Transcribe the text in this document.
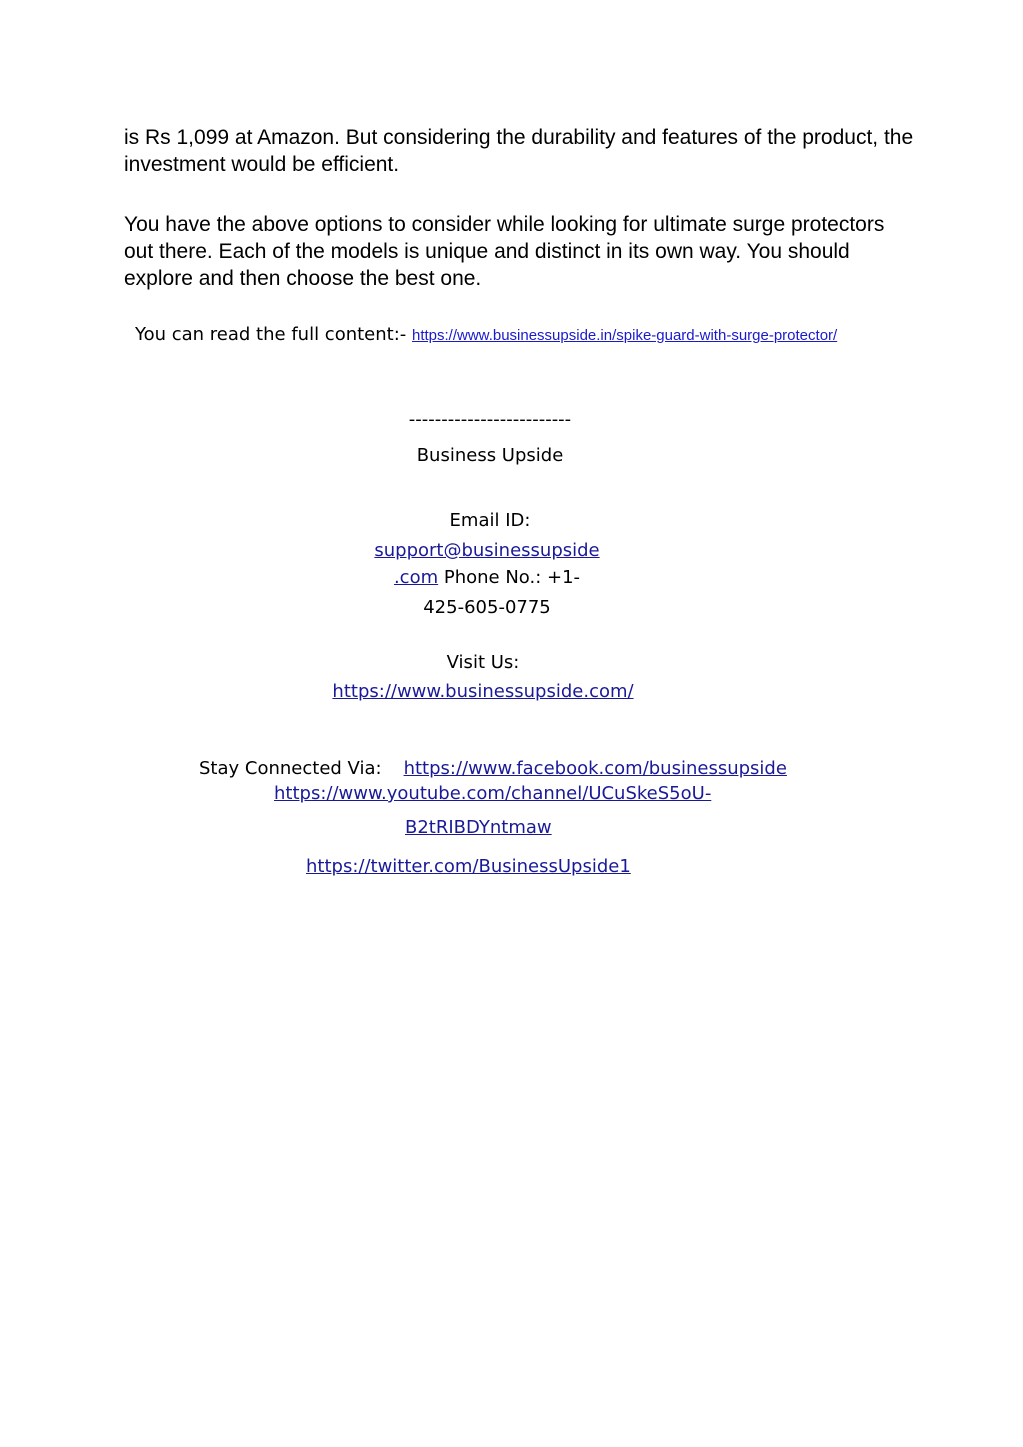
is Rs 1,099 at Amazon. But considering the durability and features of the product, the investment would be efficient.

You have the above options to consider while looking for ultimate surge protectors out there. Each of the models is unique and distinct in its own way. You should explore and then choose the best one.

You can read the full content:- https://www.businessupside.in/spike-guard-with-surge-protector/

-------------------------

Business Upside

Email ID:

support@businessupside

.com Phone No.: +1-

425-605-0775

Visit Us:

https://www.businessupside.com/

Stay Connected Via: https://www.facebook.com/businessupside

https://www.youtube.com/channel/UCuSkeS5oU-

B2tRIBDYntmaw

https://twitter.com/BusinessUpside1
